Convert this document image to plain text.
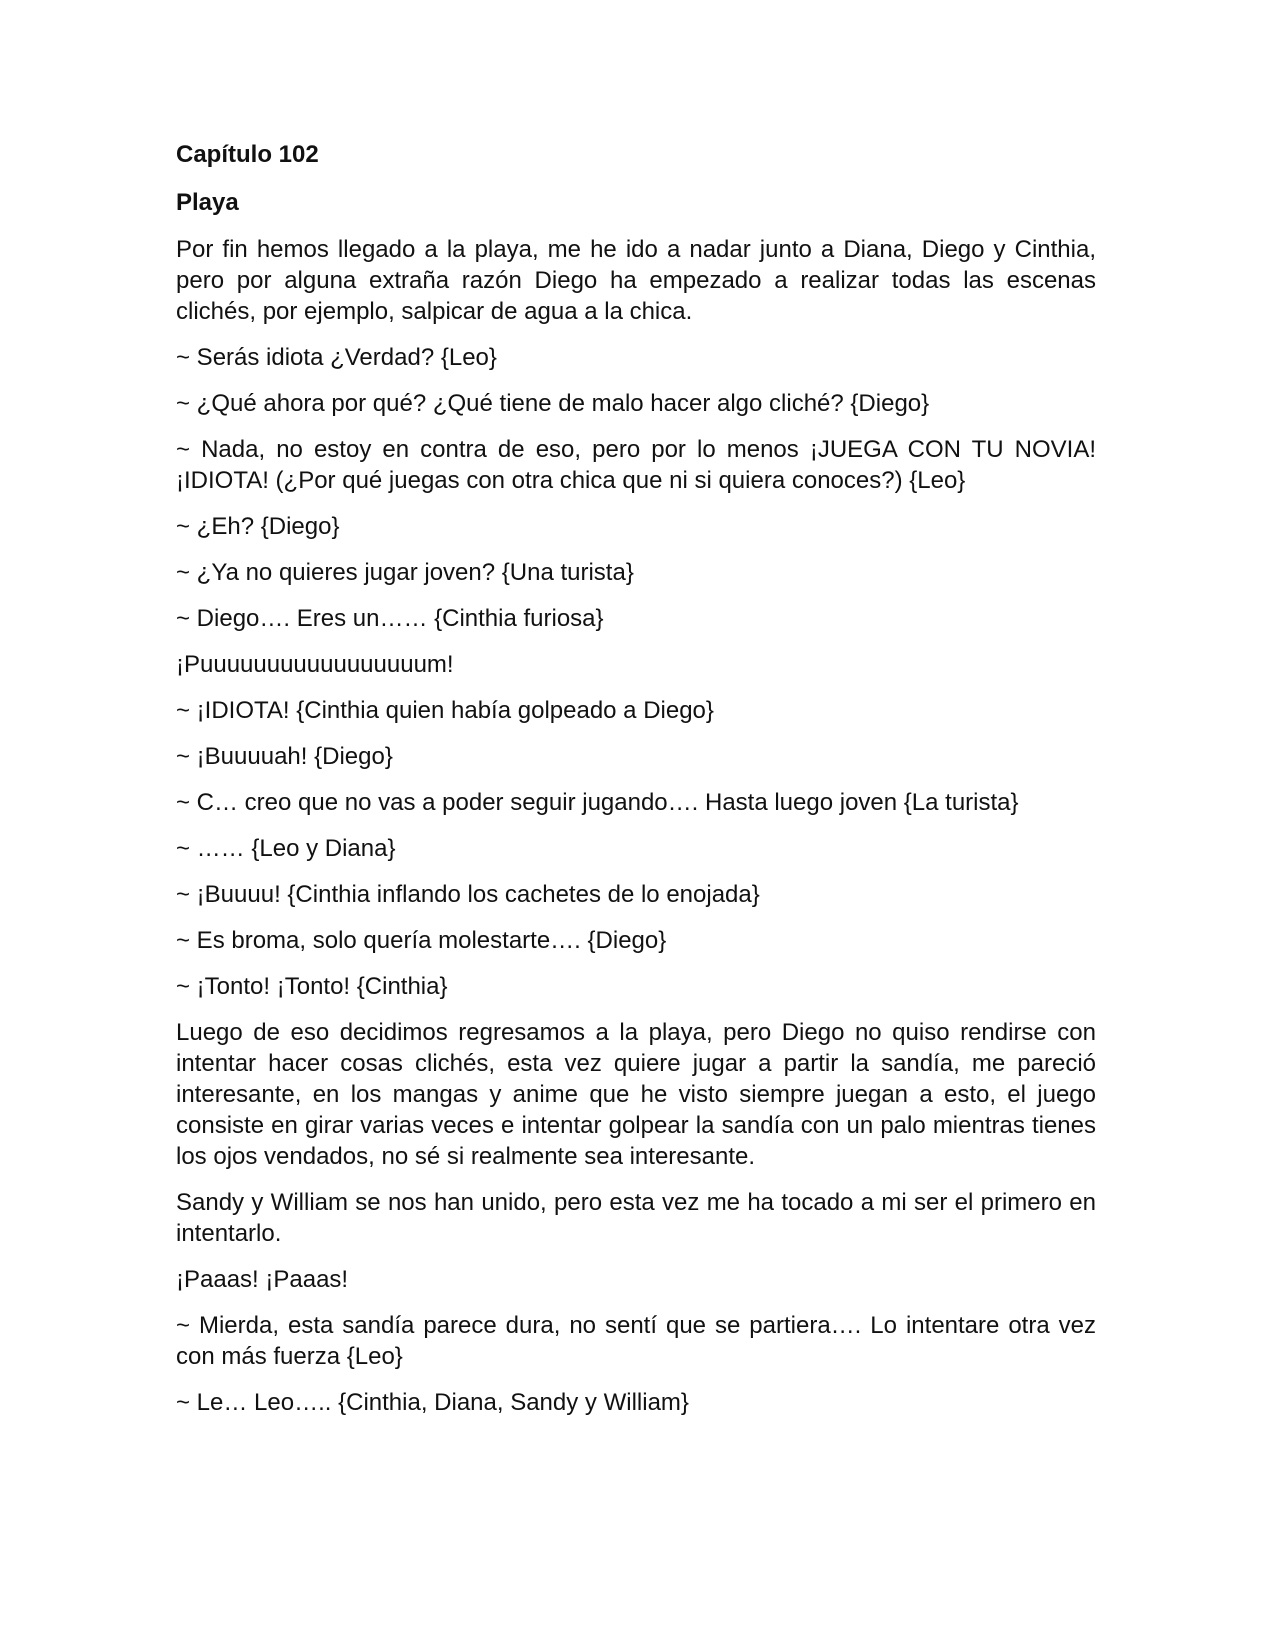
Capítulo 102
Playa

Por fin hemos llegado a la playa, me he ido a nadar junto a Diana, Diego y Cinthia, pero por alguna extraña razón Diego ha empezado a realizar todas las escenas clichés, por ejemplo, salpicar de agua a la chica.

~ Serás idiota ¿Verdad? {Leo}

~ ¿Qué ahora por qué? ¿Qué tiene de malo hacer algo cliché? {Diego}

~ Nada, no estoy en contra de eso, pero por lo menos ¡JUEGA CON TU NOVIA! ¡IDIOTA! (¿Por qué juegas con otra chica que ni si quiera conoces?) {Leo}

~ ¿Eh? {Diego}

~ ¿Ya no quieres jugar joven? {Una turista}

~ Diego…. Eres un…… {Cinthia furiosa}

¡Puuuuuuuuuuuuuuuuum!

~ ¡IDIOTA! {Cinthia quien había golpeado a Diego}

~ ¡Buuuuah! {Diego}

~ C… creo que no vas a poder seguir jugando…. Hasta luego joven {La turista}

~ …… {Leo y Diana}

~ ¡Buuuu! {Cinthia inflando los cachetes de lo enojada}

~ Es broma, solo quería molestarte…. {Diego}

~ ¡Tonto! ¡Tonto! {Cinthia}

Luego de eso decidimos regresamos a la playa, pero Diego no quiso rendirse con intentar hacer cosas clichés, esta vez quiere jugar a partir la sandía, me pareció interesante, en los mangas y anime que he visto siempre juegan a esto, el juego consiste en girar varias veces e intentar golpear la sandía con un palo mientras tienes los ojos vendados, no sé si realmente sea interesante.

Sandy y William se nos han unido, pero esta vez me ha tocado a mi ser el primero en intentarlo.

¡Paaas! ¡Paaas!

~ Mierda, esta sandía parece dura, no sentí que se partiera…. Lo intentare otra vez con más fuerza {Leo}

~ Le… Leo….. {Cinthia, Diana, Sandy y William}
